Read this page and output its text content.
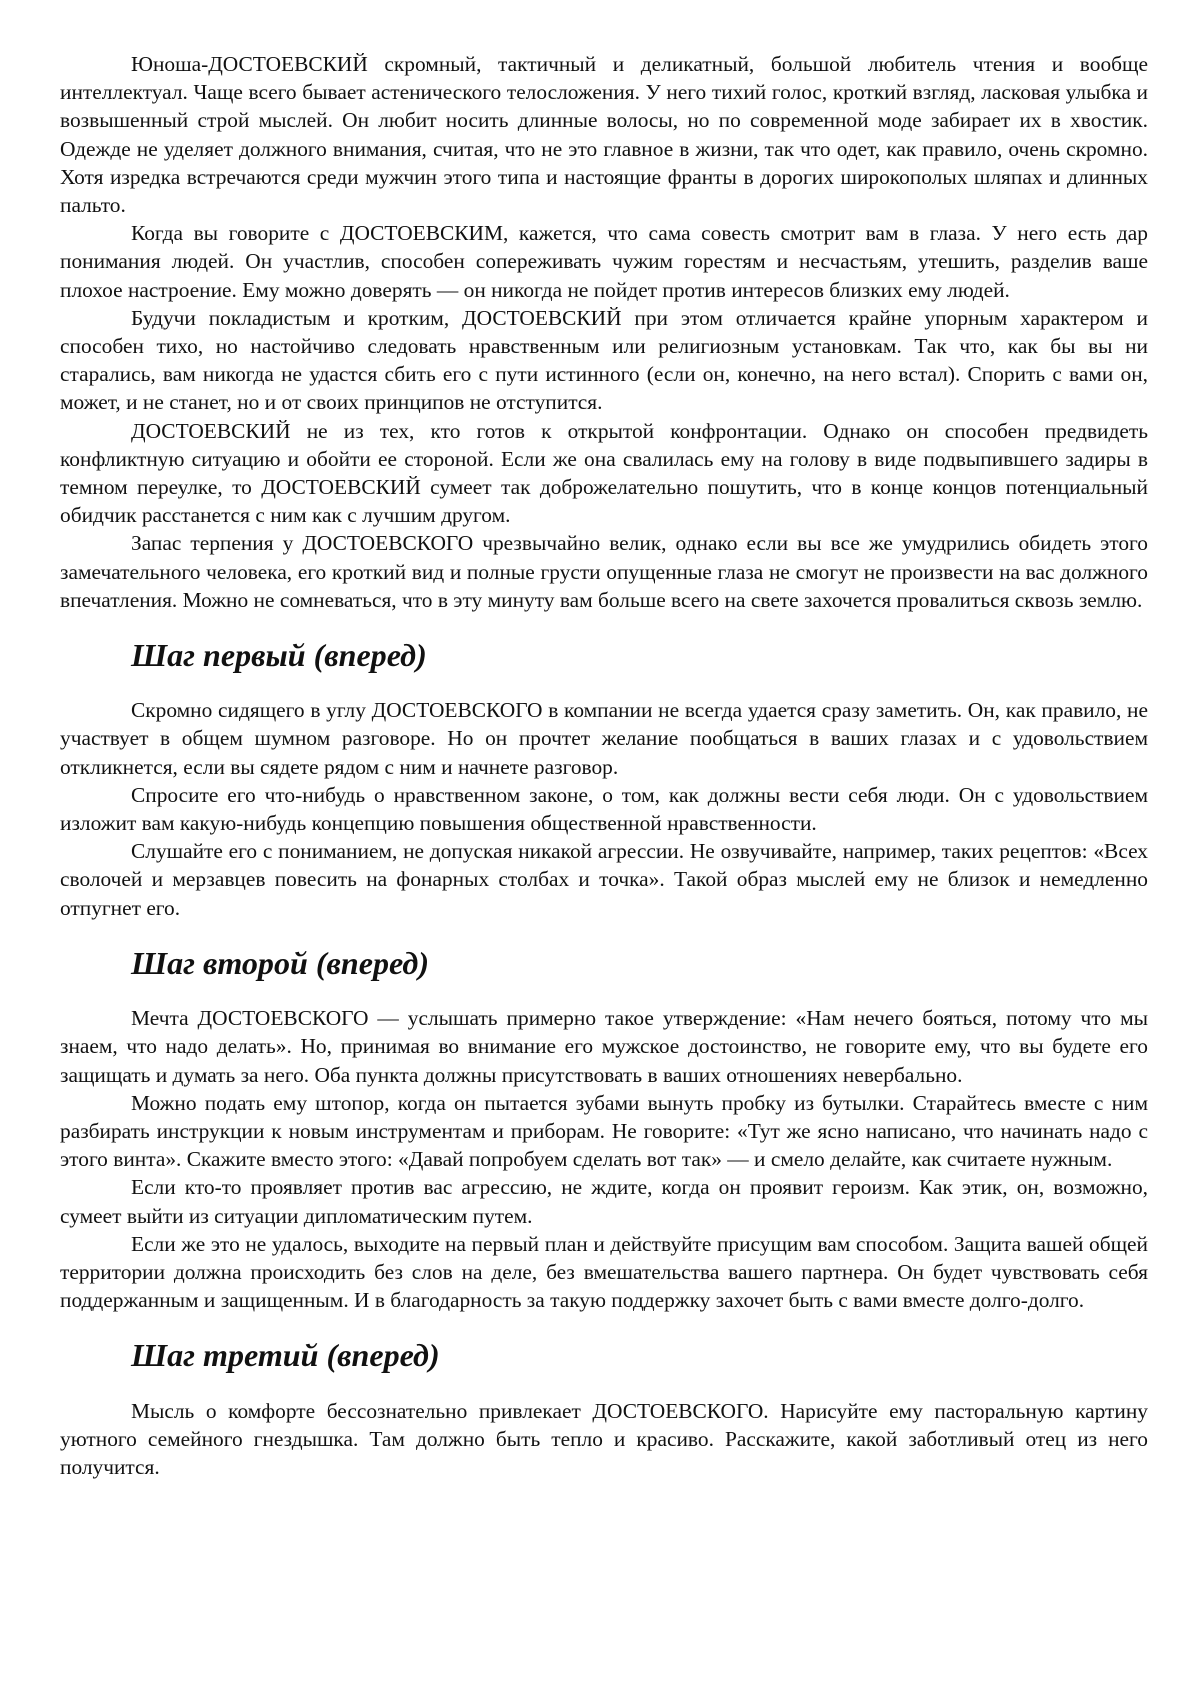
Юноша-ДОСТОЕВСКИЙ скромный, тактичный и деликатный, большой любитель чтения и вообще интеллектуал. Чаще всего бывает астенического телосложения. У него тихий голос, кроткий взгляд, ласковая улыбка и возвышенный строй мыслей. Он любит носить длинные волосы, но по современной моде забирает их в хвостик. Одежде не уделяет должного внимания, считая, что не это главное в жизни, так что одет, как правило, очень скромно. Хотя изредка встречаются среди мужчин этого типа и настоящие франты в дорогих широкополых шляпах и длинных пальто.

Когда вы говорите с ДОСТОЕВСКИМ, кажется, что сама совесть смотрит вам в глаза. У него есть дар понимания людей. Он участлив, способен сопереживать чужим горестям и несчастьям, утешить, разделив ваше плохое настроение. Ему можно доверять — он никогда не пойдет против интересов близких ему людей.

Будучи покладистым и кротким, ДОСТОЕВСКИЙ при этом отличается крайне упорным характером и способен тихо, но настойчиво следовать нравственным или религиозным установкам. Так что, как бы вы ни старались, вам никогда не удастся сбить его с пути истинного (если он, конечно, на него встал). Спорить с вами он, может, и не станет, но и от своих принципов не отступится.

ДОСТОЕВСКИЙ не из тех, кто готов к открытой конфронтации. Однако он способен предвидеть конфликтную ситуацию и обойти ее стороной. Если же она свалилась ему на голову в виде подвыпившего задиры в темном переулке, то ДОСТОЕВСКИЙ сумеет так доброжелательно пошутить, что в конце концов потенциальный обидчик расстанется с ним как с лучшим другом.

Запас терпения у ДОСТОЕВСКОГО чрезвычайно велик, однако если вы все же умудрились обидеть этого замечательного человека, его кроткий вид и полные грусти опущенные глаза не смогут не произвести на вас должного впечатления. Можно не сомневаться, что в эту минуту вам больше всего на свете захочется провалиться сквозь землю.

Шаг первый (вперед)

Скромно сидящего в углу ДОСТОЕВСКОГО в компании не всегда удается сразу заметить. Он, как правило, не участвует в общем шумном разговоре. Но он прочтет желание пообщаться в ваших глазах и с удовольствием откликнется, если вы сядете рядом с ним и начнете разговор.

Спросите его что-нибудь о нравственном законе, о том, как должны вести себя люди. Он с удовольствием изложит вам какую-нибудь концепцию повышения общественной нравственности.

Слушайте его с пониманием, не допуская никакой агрессии. Не озвучивайте, например, таких рецептов: «Всех сволочей и мерзавцев повесить на фонарных столбах и точка». Такой образ мыслей ему не близок и немедленно отпугнет его.

Шаг второй (вперед)

Мечта ДОСТОЕВСКОГО — услышать примерно такое утверждение: «Нам нечего бояться, потому что мы знаем, что надо делать». Но, принимая во внимание его мужское достоинство, не говорите ему, что вы будете его защищать и думать за него. Оба пункта должны присутствовать в ваших отношениях невербально.

Можно подать ему штопор, когда он пытается зубами вынуть пробку из бутылки. Старайтесь вместе с ним разбирать инструкции к новым инструментам и приборам. Не говорите: «Тут же ясно написано, что начинать надо с этого винта». Скажите вместо этого: «Давай попробуем сделать вот так» — и смело делайте, как считаете нужным.

Если кто-то проявляет против вас агрессию, не ждите, когда он проявит героизм. Как этик, он, возможно, сумеет выйти из ситуации дипломатическим путем.

Если же это не удалось, выходите на первый план и действуйте присущим вам способом. Защита вашей общей территории должна происходить без слов на деле, без вмешательства вашего партнера. Он будет чувствовать себя поддержанным и защищенным. И в благодарность за такую поддержку захочет быть с вами вместе долго-долго.

Шаг третий (вперед)

Мысль о комфорте бессознательно привлекает ДОСТОЕВСКОГО. Нарисуйте ему пасторальную картину уютного семейного гнездышка. Там должно быть тепло и красиво. Расскажите, какой заботливый отец из него получится.
